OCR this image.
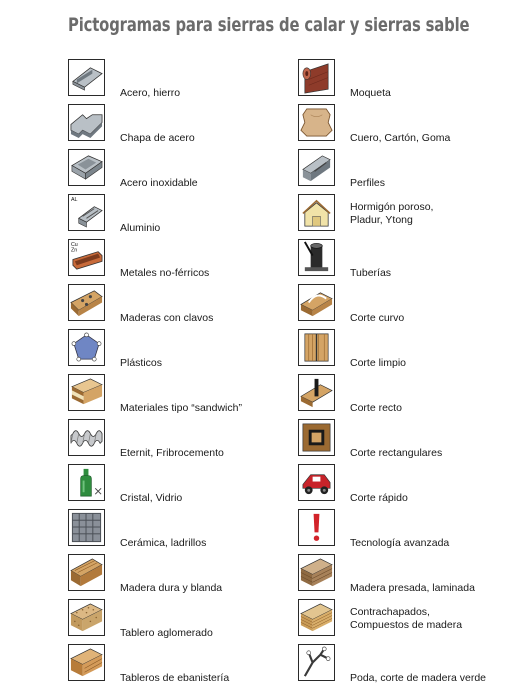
Pictogramas para sierras de calar y sierras sable
Acero, hierro
Chapa de acero
Acero inoxidable
AL
Aluminio
Cu
Zn
Metales no-férricos
Maderas con clavos
Plásticos
Materiales tipo “sandwich”
Eternit, Fribrocemento
Cristal, Vidrio
Cerámica, ladrillos
Madera dura y blanda
Tablero aglomerado
Tableros de ebanistería
Moqueta
Cuero, Cartón, Goma
Perfiles
Hormigón poroso,
Pladur, Ytong
Tuberías
Corte curvo
Corte limpio
Corte recto
Corte rectangulares
Corte rápido
Tecnología avanzada
Madera presada, laminada
Contrachapados,
Compuestos de madera
Poda, corte de madera verde
